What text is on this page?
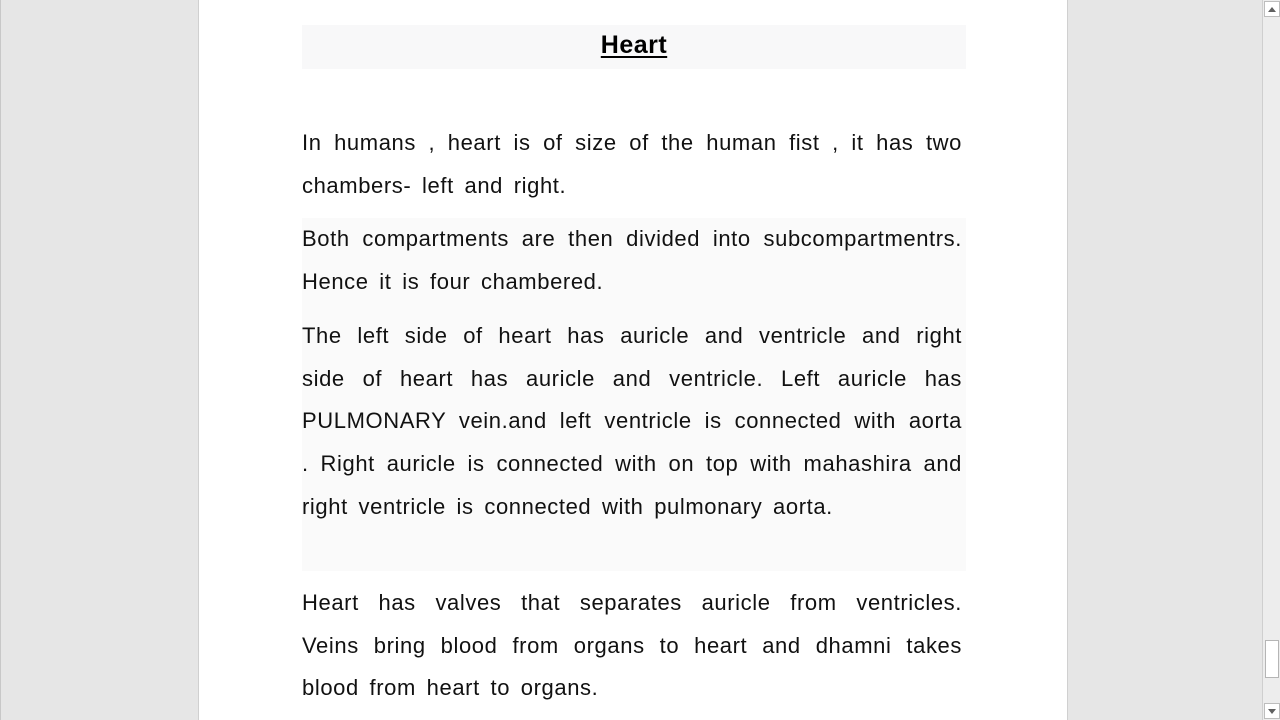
Heart
In humans , heart is of size of the human fist , it has two chambers- left and right.
Both compartments are then divided into subcompartmentrs. Hence it is four chambered.
The left side of heart has auricle and ventricle and right side of heart has auricle and ventricle. Left auricle has PULMONARY vein.and left ventricle is connected with aorta . Right auricle is connected with on top with mahashira and right ventricle is connected with pulmonary aorta.
Heart has valves that separates auricle from ventricles. Veins bring blood from organs to heart and dhamni takes blood from heart to organs.
